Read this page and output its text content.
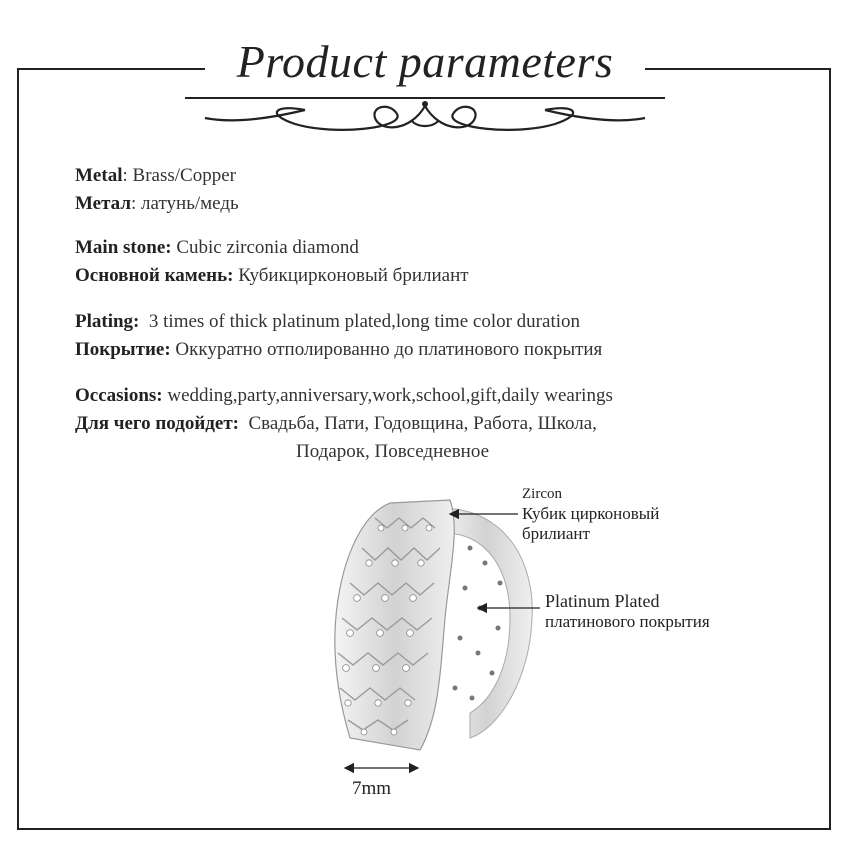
Product parameters
Metal: Brass/Copper
Метал: латунь/медь
Main stone: Cubic zirconia diamond
Основной камень: Кубикциркoновый брилиант
Plating:  3 times of thick platinum plated,long time color duration
Покрытие: Оккуратно отполированно до платинового покрытия
Occasions: wedding,party,anniversary,work,school,gift,daily wearings
Для чего подойдет:  Свадьба, Пати, Годовщина, Работа, Школа,
Подарок, Повседневное
Zircon
Кубик цирконовый
брилиант
Platinum Plated
платинового покрытия
7mm
